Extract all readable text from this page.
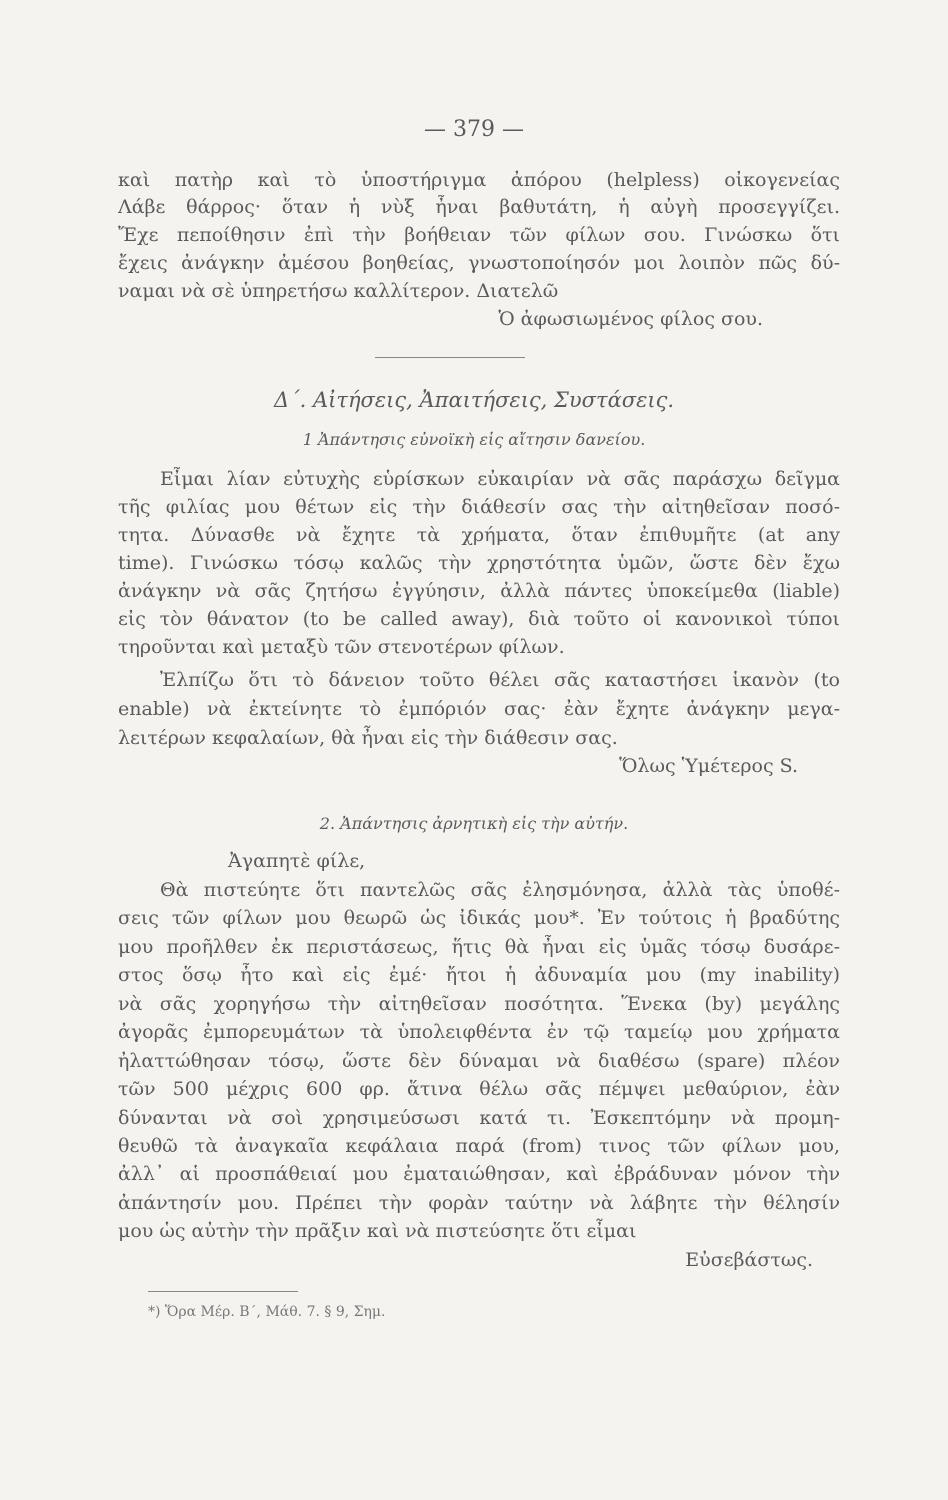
— 379 —
καὶ πατὴρ καὶ τὸ ὑποστήριγμα ἀπόρου (helpless) οἰκογενείας
Λάβε θάρρος· ὅταν ἡ νὺξ ἦναι βαθυτάτη, ἡ αὐγὴ προσεγγίζει.
Ἔχε πεποίθησιν ἐπὶ τὴν βοήθειαν τῶν φίλων σου. Γινώσκω ὅτι
ἔχεις ἀνάγκην ἀμέσου βοηθείας, γνωστοποίησόν μοι λοιπὸν πῶς δύ-
ναμαι νὰ σὲ ὑπηρετήσω καλλίτερον. Διατελῶ
Ὁ ἀφωσιωμένος φίλος σου.
Δ΄. Αἰτήσεις, Ἀπαιτήσεις, Συστάσεις.
1 Ἀπάντησις εὐνοϊκὴ εἰς αἴτησιν δανείου.
Εἶμαι λίαν εὐτυχὴς εὑρίσκων εὐκαιρίαν νὰ σᾶς παράσχω δεῖγμα
τῆς φιλίας μου θέτων εἰς τὴν διάθεσίν σας τὴν αἰτηθεῖσαν ποσό-
τητα. Δύνασθε νὰ ἔχητε τὰ χρήματα, ὅταν ἐπιθυμῆτε (at any
time). Γινώσκω τόσῳ καλῶς τὴν χρηστότητα ὑμῶν, ὥστε δὲν ἔχω
ἀνάγκην νὰ σᾶς ζητήσω ἐγγύησιν, ἀλλὰ πάντες ὑποκείμεθα (liable)
εἰς τὸν θάνατον (to be called away), διὰ τοῦτο οἱ κανονικοὶ τύποι
τηροῦνται καὶ μεταξὺ τῶν στενοτέρων φίλων.
Ἐλπίζω ὅτι τὸ δάνειον τοῦτο θέλει σᾶς καταστήσει ἱκανὸν (to
enable) νὰ ἐκτείνητε τὸ ἐμπόριόν σας· ἐὰν ἔχητε ἀνάγκην μεγα-
λειτέρων κεφαλαίων, θὰ ἦναι εἰς τὴν διάθεσιν σας.
Ὅλως Ὑμέτερος S.
2. Ἀπάντησις ἀρνητικὴ εἰς τὴν αὐτήν.
Ἀγαπητὲ φίλε,
Θὰ πιστεύητε ὅτι παντελῶς σᾶς ἐλησμόνησα, ἀλλὰ τὰς ὑποθέ-
σεις τῶν φίλων μου θεωρῶ ὡς ἰδικάς μου*. Ἐν τούτοις ἡ βραδύτης
μου προῆλθεν ἐκ περιστάσεως, ἥτις θὰ ἦναι εἰς ὑμᾶς τόσῳ δυσάρε-
στος ὅσῳ ἦτο καὶ εἰς ἐμέ· ἤτοι ἡ ἀδυναμία μου (my inability)
νὰ σᾶς χορηγήσω τὴν αἰτηθεῖσαν ποσότητα. Ἕνεκα (by) μεγάλης
ἀγορᾶς ἐμπορευμάτων τὰ ὑπολειφθέντα ἐν τῷ ταμείῳ μου χρήματα
ἠλαττώθησαν τόσῳ, ὥστε δὲν δύναμαι νὰ διαθέσω (spare) πλέον
τῶν 500 μέχρις 600 φρ. ἅτινα θέλω σᾶς πέμψει μεθαύριον, ἐὰν
δύνανται νὰ σοὶ χρησιμεύσωσι κατά τι. Ἐσκεπτόμην νὰ προμη-
θευθῶ τὰ ἀναγκαῖα κεφάλαια παρά (from) τινος τῶν φίλων μου,
ἀλλ᾽ αἱ προσπάθειαί μου ἐματαιώθησαν, καὶ ἐβράδυναν μόνον τὴν
ἀπάντησίν μου. Πρέπει τὴν φορὰν ταύτην νὰ λάβητε τὴν θέλησίν
μου ὡς αὐτὴν τὴν πρᾶξιν καὶ νὰ πιστεύσητε ὅτι εἶμαι
Εὐσεβάστως.
*) Ὅρα Μέρ. Β΄, Μάθ. 7. § 9, Σημ.
